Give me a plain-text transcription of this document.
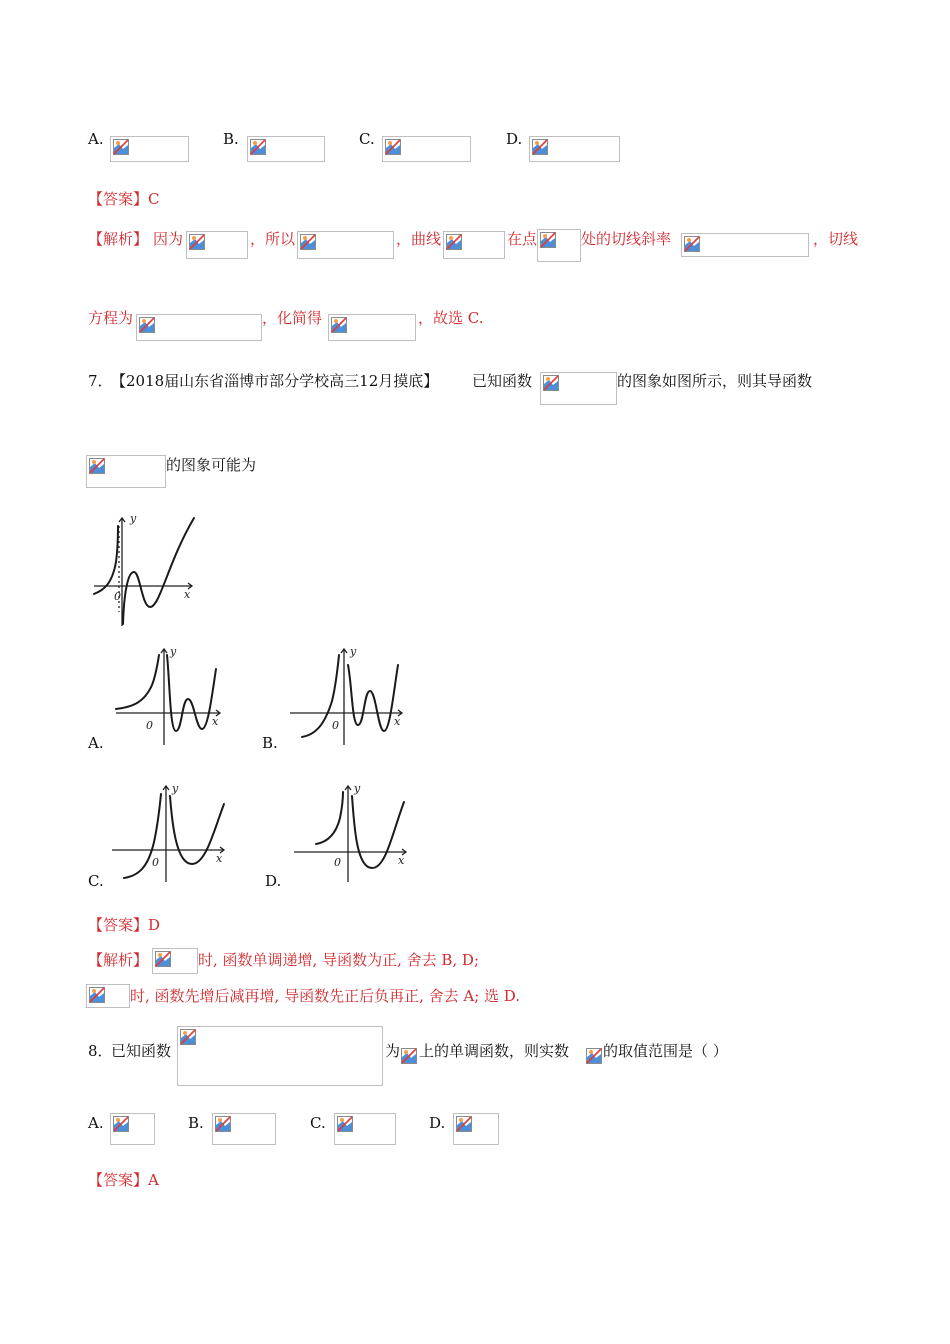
A.	B.	C.	D.
【答案】C
【解析】 因为	，所以	，曲线	在点	处的切线斜率	，切线
方程为	，化简得	，故选 C.
7．
【2018届山东省淄博市部分学校高三12月摸底】 已知函数	的图象如图所示，则其导函数
的图象可能为
y
x
0
y
x
0
A.
y
x
0
B.
y
x
0
C.
y
x
0
D.
【答案】D
【解析】	时, 函数单调递增, 导函数为正, 舍去 B, D;
时, 函数先增后减再增, 导函数先正后负再正, 舍去 A; 选 D.
8．
已知函数	为 上的单调函数，则实数 的取值范围是（ ）
A.	B.	C.	D.
【答案】A
